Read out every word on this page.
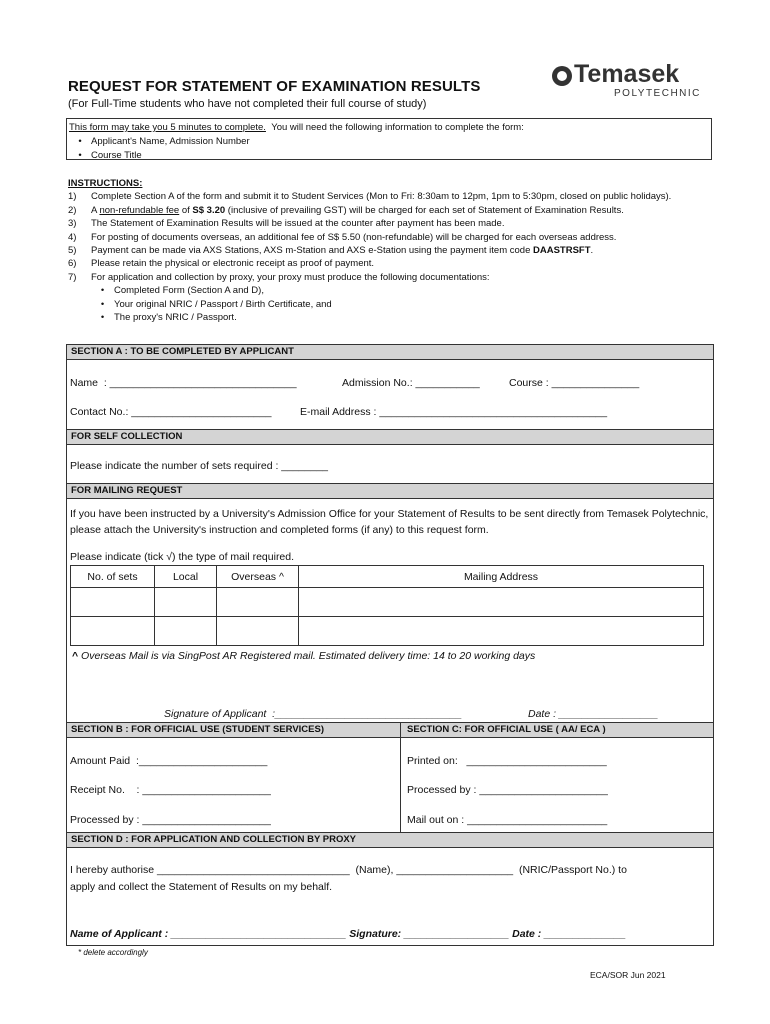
REQUEST FOR STATEMENT OF EXAMINATION RESULTS
(For Full-Time students who have not completed their full course of study)
Temasek
POLYTECHNIC
This form may take you 5 minutes to complete. You will need the following information to complete the form:
• Applicant's Name, Admission Number
• Course Title
INSTRUCTIONS:
1)	Complete Section A of the form and submit it to Student Services (Mon to Fri: 8:30am to 12pm, 1pm to 5:30pm, closed on public holidays).
2)	A non-refundable fee of S$ 3.20 (inclusive of prevailing GST) will be charged for each set of Statement of Examination Results.
3)	The Statement of Examination Results will be issued at the counter after payment has been made.
4)	For posting of documents overseas, an additional fee of S$ 5.50 (non-refundable) will be charged for each overseas address.
5)	Payment can be made via AXS Stations, AXS m-Station and AXS e-Station using the payment item code DAASTRSFT.
6)	Please retain the physical or electronic receipt as proof of payment.
7)	For application and collection by proxy, your proxy must produce the following documentations:
•	Completed Form (Section A and D),
•	Your original NRIC / Passport / Birth Certificate, and
•	The proxy's NRIC / Passport.
SECTION A : TO BE COMPLETED BY APPLICANT
Name  : ________________________________	Admission No.: ___________	Course : _______________
Contact No.: ________________________	E-mail Address : _______________________________________
FOR SELF COLLECTION
Please indicate the number of sets required : ________
FOR MAILING REQUEST
If you have been instructed by a University's Admission Office for your Statement of Results to be sent directly from Temasek Polytechnic, please attach the University's instruction and completed forms (if any) to this request form.
Please indicate (tick √) the type of mail required.
No. of sets	Local	Overseas ^	Mailing Address

^ Overseas Mail is via SingPost AR Registered mail. Estimated delivery time: 14 to 20 working days
Signature of Applicant  :________________________________	Date : _________________
SECTION B : FOR OFFICIAL USE (STUDENT SERVICES)	SECTION C: FOR OFFICIAL USE ( AA/ ECA )
Amount Paid  :______________________
Receipt No.    : ______________________
Processed by : ______________________
Printed on:   ________________________
Processed by : ______________________
Mail out on : ________________________
SECTION D : FOR APPLICATION AND COLLECTION BY PROXY
I hereby authorise _________________________________  (Name), ____________________  (NRIC/Passport No.) to
apply and collect the Statement of Results on my behalf.
Name of Applicant : ______________________________ Signature: __________________ Date : ______________
* delete accordingly
ECA/SOR Jun 2021
